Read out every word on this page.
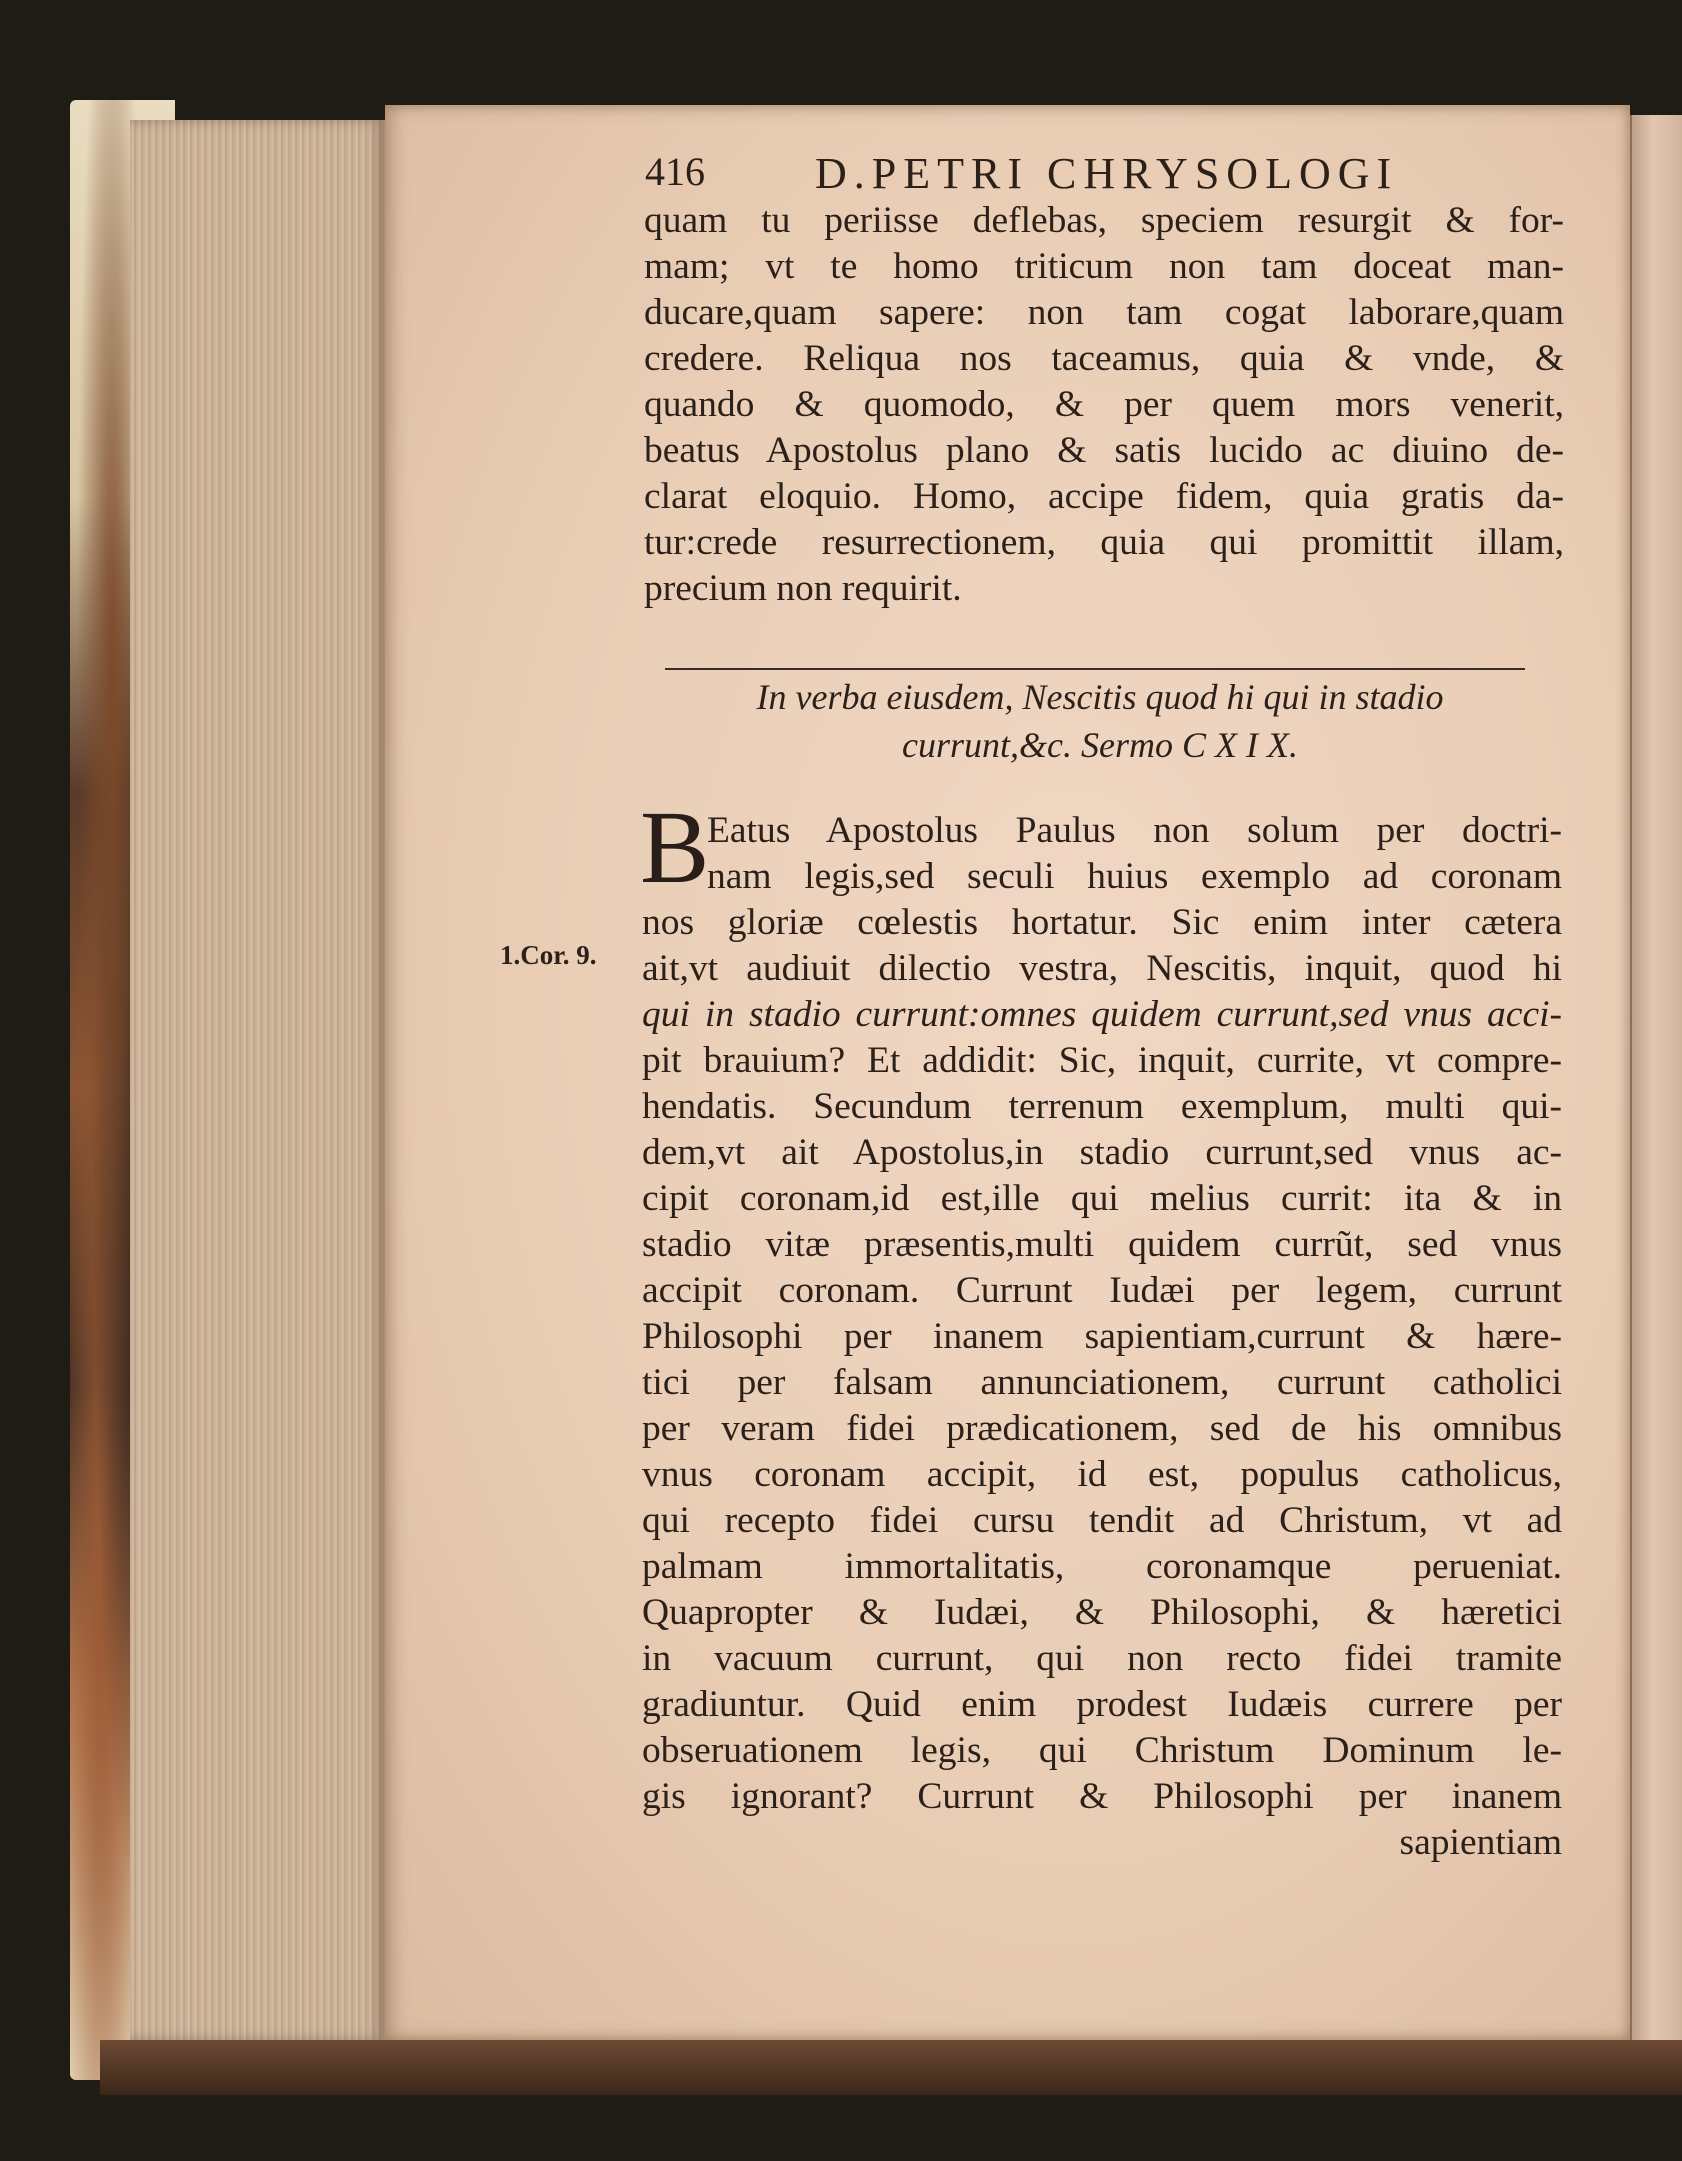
416	D.PETRI CHRYSOLOGI
quam tu periisse deflebas, speciem resurgit & for-
mam; vt te homo triticum non tam doceat man-
ducare,quam sapere: non tam cogat laborare,quam
credere. Reliqua nos taceamus, quia & vnde, &
quando & quomodo, & per quem mors venerit,
beatus Apostolus plano & satis lucido ac diuino de-
clarat eloquio. Homo, accipe fidem, quia gratis da-
tur:crede resurrectionem, quia qui promittit illam,
precium non requirit.
In verba eiusdem, Nescitis quod hi qui in stadio
currunt,&c. Sermo C X I X.
B
1.Cor. 9.
Eatus Apostolus Paulus non solum per doctri-
nam legis,sed seculi huius exemplo ad coronam
nos gloriæ cœlestis hortatur. Sic enim inter cætera
ait,vt audiuit dilectio vestra, Nescitis, inquit, quod hi
qui in stadio currunt:omnes quidem currunt,sed vnus acci-
pit brauium? Et addidit: Sic, inquit, currite, vt compre-
hendatis. Secundum terrenum exemplum, multi qui-
dem,vt ait Apostolus,in stadio currunt,sed vnus ac-
cipit coronam,id est,ille qui melius currit: ita & in
stadio vitæ præsentis,multi quidem currũt, sed vnus
accipit coronam. Currunt Iudæi per legem, currunt
Philosophi per inanem sapientiam,currunt & hære-
tici per falsam annunciationem, currunt catholici
per veram fidei prædicationem, sed de his omnibus
vnus coronam accipit, id est, populus catholicus,
qui recepto fidei cursu tendit ad Christum, vt ad
palmam immortalitatis, coronamque perueniat.
Quapropter & Iudæi, & Philosophi, & hæretici
in vacuum currunt, qui non recto fidei tramite
gradiuntur. Quid enim prodest Iudæis currere per
obseruationem legis, qui Christum Dominum le-
gis ignorant? Currunt & Philosophi per inanem
sapientiam
